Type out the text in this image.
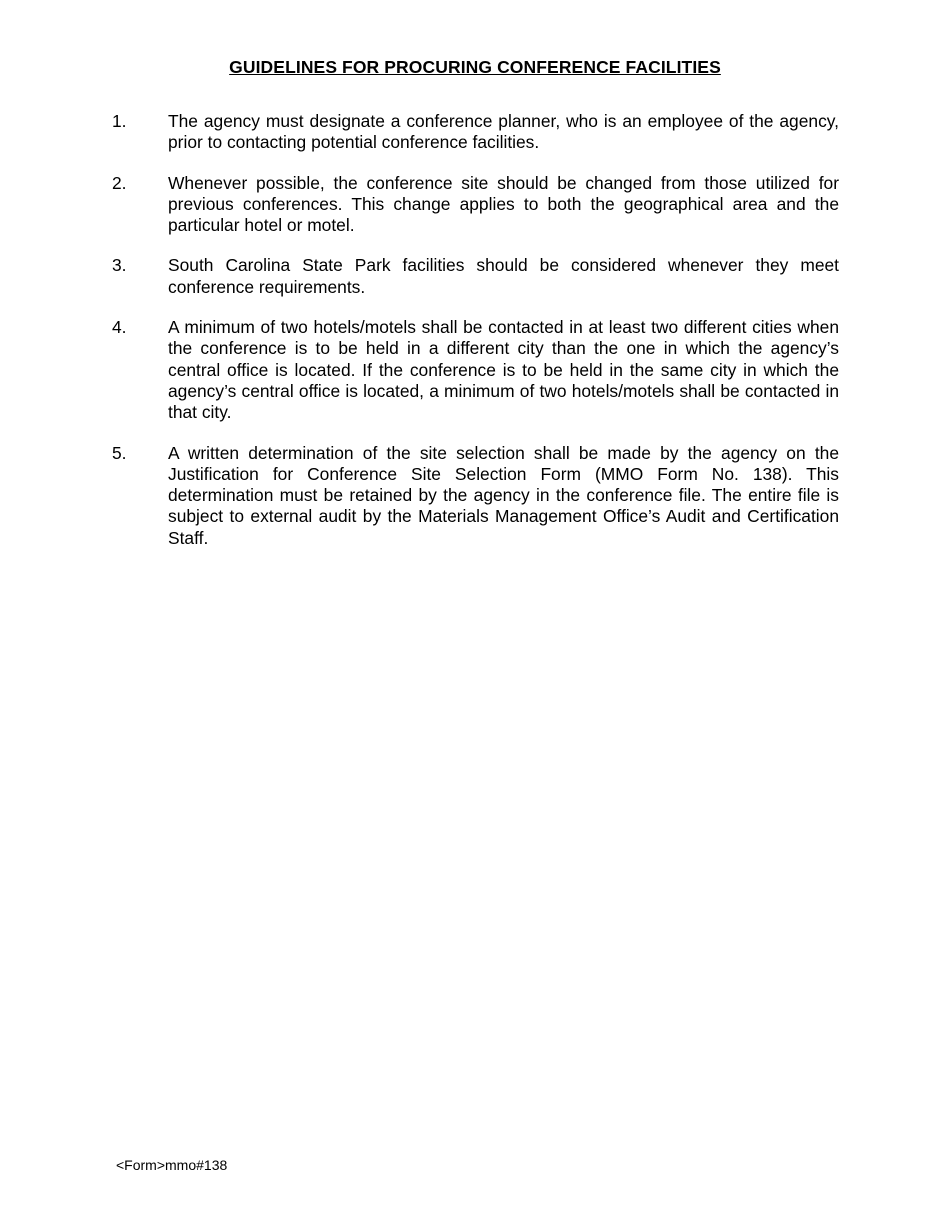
GUIDELINES FOR PROCURING CONFERENCE FACILITIES
1.	The agency must designate a conference planner, who is an employee of the agency, prior to contacting potential conference facilities.
2.	Whenever possible, the conference site should be changed from those utilized for previous conferences. This change applies to both the geographical area and the particular hotel or motel.
3.	South Carolina State Park facilities should be considered whenever they meet conference requirements.
4.	A minimum of two hotels/motels shall be contacted in at least two different cities when the conference is to be held in a different city than the one in which the agency’s central office is located. If the conference is to be held in the same city in which the agency’s central office is located, a minimum of two hotels/motels shall be contacted in that city.
5.	A written determination of the site selection shall be made by the agency on the Justification for Conference Site Selection Form (MMO Form No. 138). This determination must be retained by the agency in the conference file. The entire file is subject to external audit by the Materials Management Office’s Audit and Certification Staff.
<Form>mmo#138
